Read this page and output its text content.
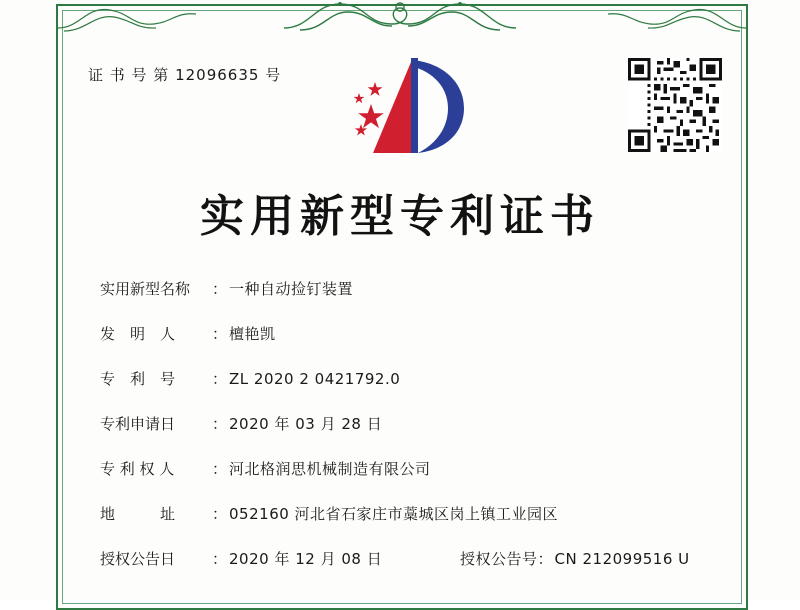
证 书 号 第 12096635 号
实用新型专利证书
实用新型名称	： 一种自动捡钉装置
发　明　人	： 檀艳凯
专　利　号	： ZL 2020 2 0421792.0
专利申请日	： 2020 年 03 月 28 日
专 利 权 人	： 河北格润思机械制造有限公司
地　　　址	： 052160 河北省石家庄市藁城区岗上镇工业园区
授权公告日	： 2020 年 12 月 08 日	授权公告号 ： CN 212099516 U
